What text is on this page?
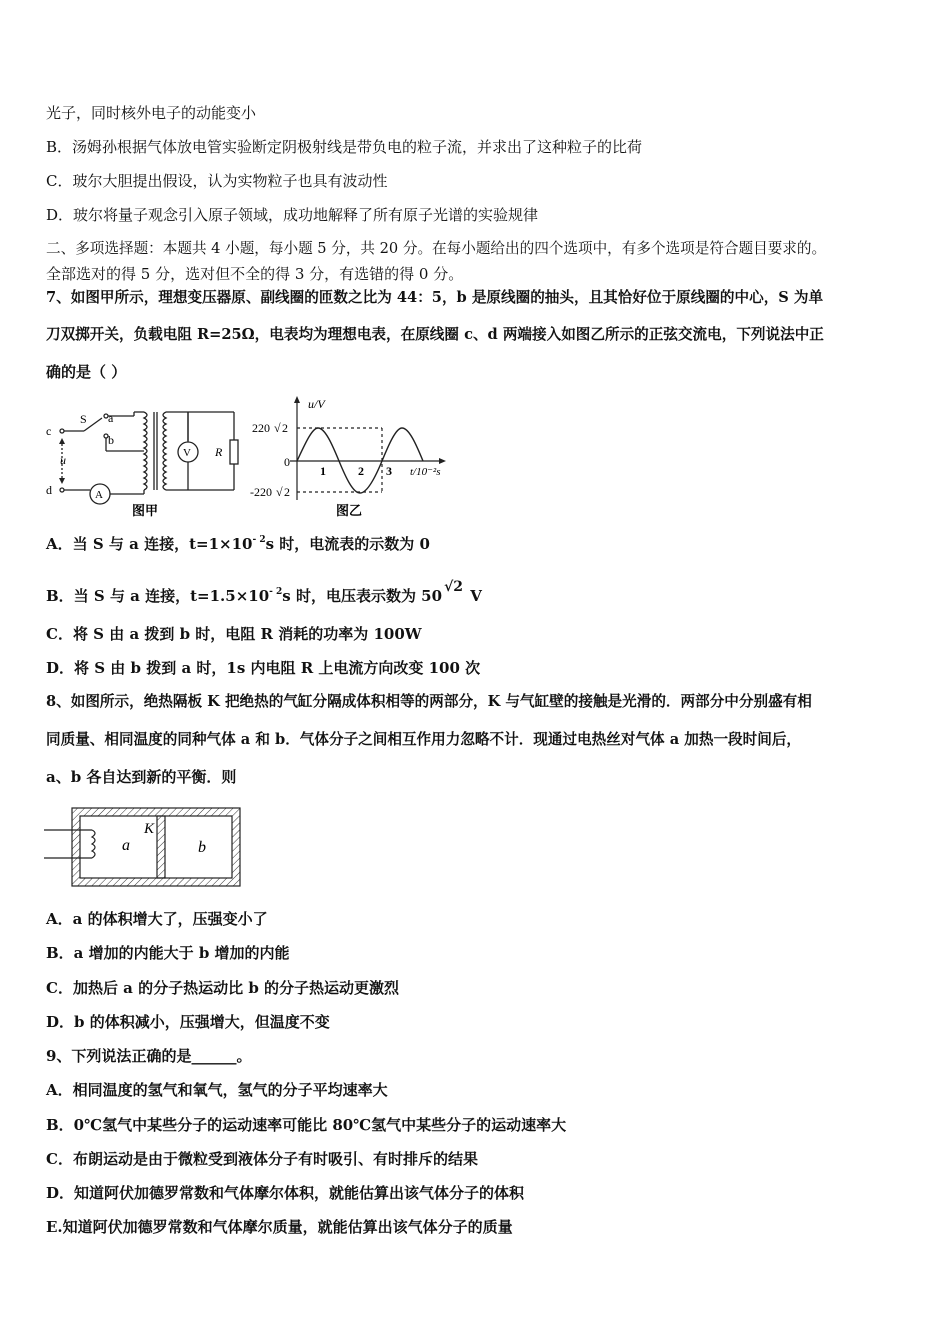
光子，同时核外电子的动能变小
B．汤姆孙根据气体放电管实验断定阴极射线是带负电的粒子流，并求出了这种粒子的比荷
C．玻尔大胆提出假设，认为实物粒子也具有波动性
D．玻尔将量子观念引入原子领域，成功地解释了所有原子光谱的实验规律
二、多项选择题：本题共 4 小题，每小题 5 分，共 20 分。在每小题给出的四个选项中，有多个选项是符合题目要求的。
全部选对的得 5 分，选对但不全的得 3 分，有选错的得 0 分。
7、如图甲所示，理想变压器原、副线圈的匝数之比为 44：5，b 是原线圈的抽头，且其恰好位于原线圈的中心，S 为单
刀双掷开关，负载电阻 R=25Ω，电表均为理想电表，在原线圈 c、d 两端接入如图乙所示的正弦交流电，下列说法中正
确的是（ ）
c
d
u
S a
b
A
V R
图甲
u/V
220 √ 2
0
-220 √ 2
1	2 3 t/10⁻²s
图乙
A．当 S 与 a 连接，$t=1\times 10^{- 2}s$ 时，电流表的示数为 0
B．当 S 与 a 连接，$t=1.5\times 10^{- 2}s$ 时，电压表示数为 50 √2 V
C．将 S 由 a 拨到 b 时，电阻 R 消耗的功率为 100W
D．将 S 由 b 拨到 a 时，1s 内电阻 R 上电流方向改变 100 次
8、如图所示，绝热隔板 K 把绝热的气缸分隔成体积相等的两部分，K 与气缸壁的接触是光滑的．两部分中分别盛有相
同质量、相同温度的同种气体 a 和 b．气体分子之间相互作用力忽略不计．现通过电热丝对气体 a 加热一段时间后，
a、b 各自达到新的平衡．则
a	b
K
A．a 的体积增大了，压强变小了
B．a 增加的内能大于 b 增加的内能
C．加热后 a 的分子热运动比 b 的分子热运动更激烈
D．b 的体积减小，压强增大，但温度不变
9、下列说法正确的是______。
A．相同温度的氢气和氧气，氢气的分子平均速率大
B．0℃氢气中某些分子的运动速率可能比 80℃氢气中某些分子的运动速率大
C．布朗运动是由于微粒受到液体分子有时吸引、有时排斥的结果
D．知道阿伏加德罗常数和气体摩尔体积，就能估算出该气体分子的体积
E.知道阿伏加德罗常数和气体摩尔质量，就能估算出该气体分子的质量
